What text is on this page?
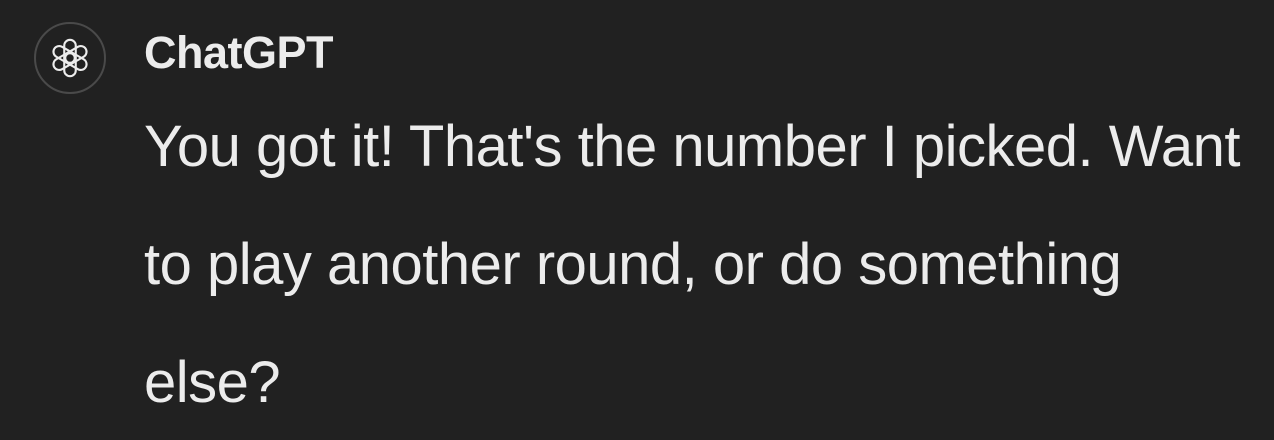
ChatGPT

You got it! That's the number I picked. Want to play another round, or do something else?
